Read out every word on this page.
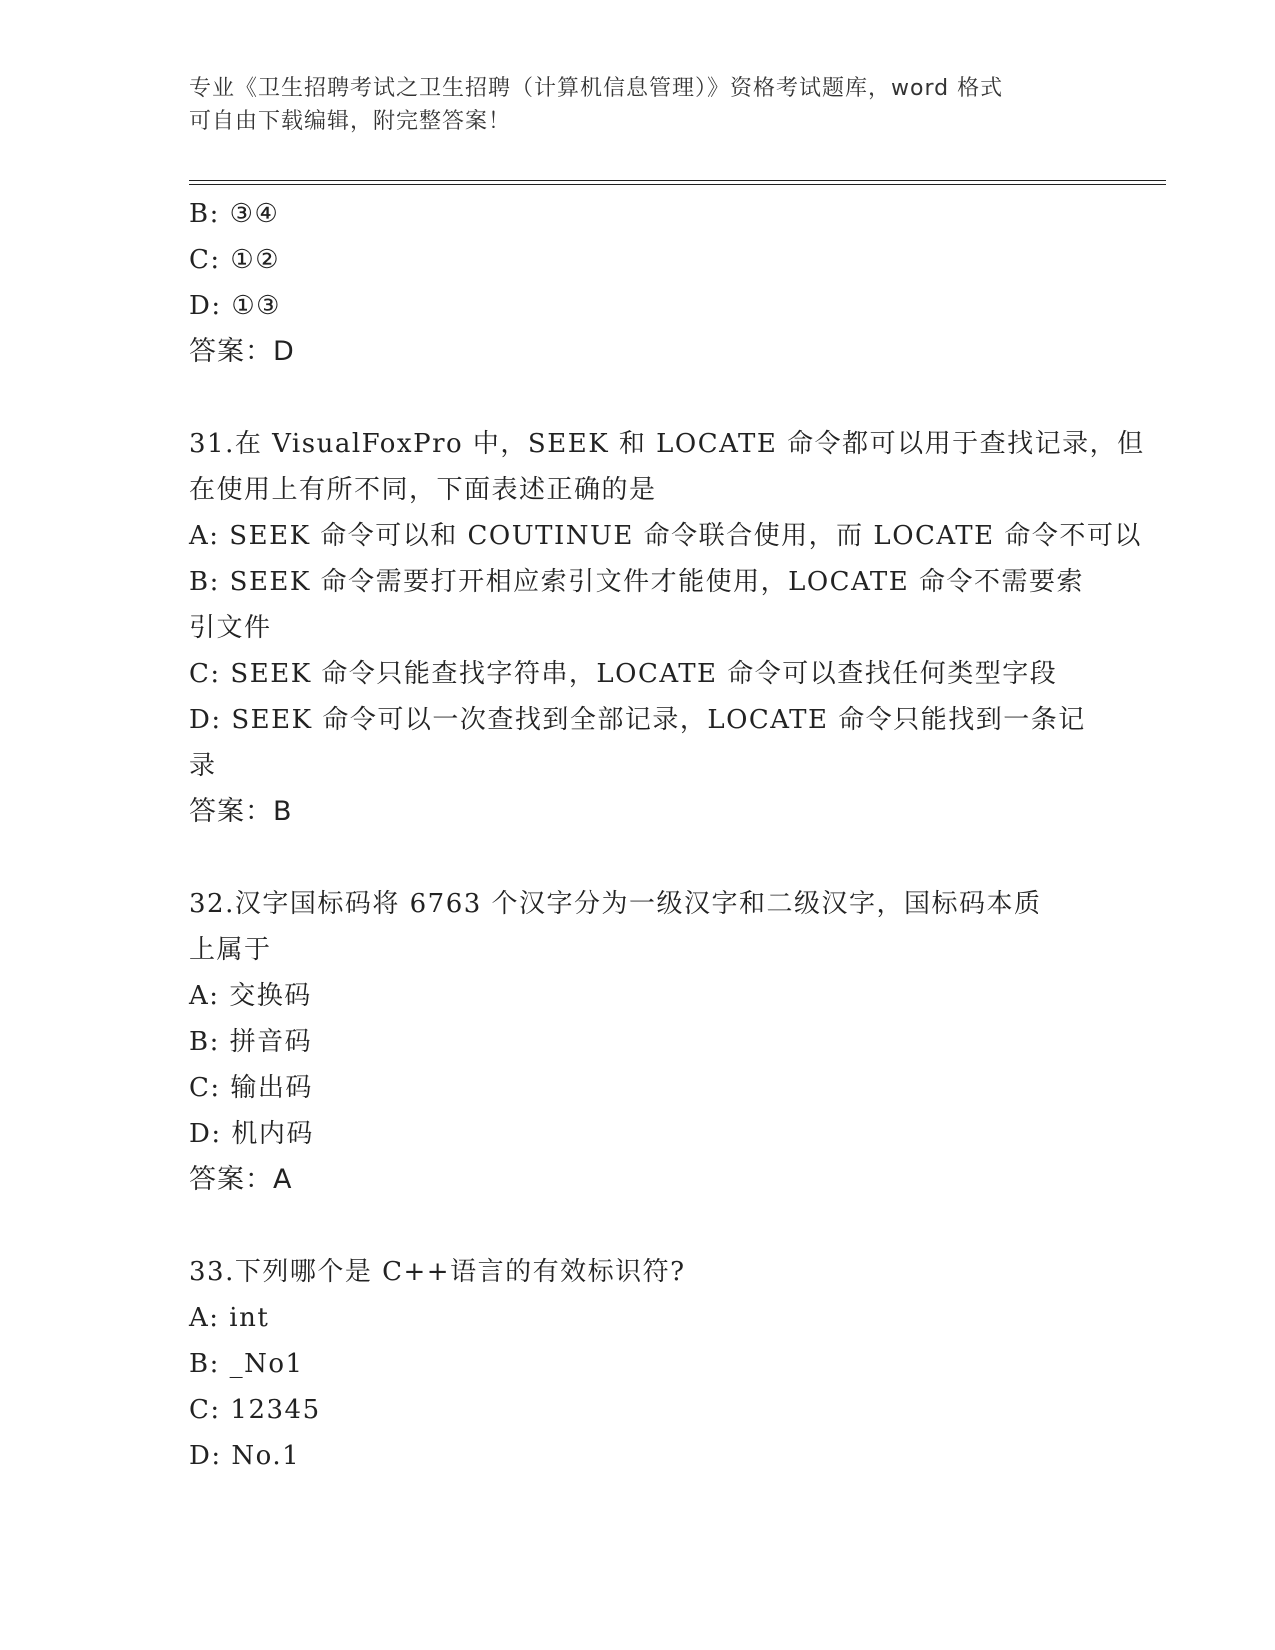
专业《卫生招聘考试之卫生招聘（计算机信息管理）》资格考试题库，word 格式
可自由下载编辑，附完整答案！
B: ③④
C: ①②
D: ①③
答案：D
31.在 VisualFoxPro 中，SEEK 和 LOCATE 命令都可以用于查找记录，但
在使用上有所不同，下面表述正确的是
A: SEEK 命令可以和 COUTINUE 命令联合使用，而 LOCATE 命令不可以
B: SEEK 命令需要打开相应索引文件才能使用，LOCATE 命令不需要索
引文件
C: SEEK 命令只能查找字符串，LOCATE 命令可以查找任何类型字段
D: SEEK 命令可以一次查找到全部记录，LOCATE 命令只能找到一条记
录
答案：B
32.汉字国标码将 6763 个汉字分为一级汉字和二级汉字，国标码本质
上属于
A: 交换码
B: 拼音码
C: 输出码
D: 机内码
答案：A
33.下列哪个是 C++语言的有效标识符?
A: int
B: _No1
C: 12345
D: No.1
